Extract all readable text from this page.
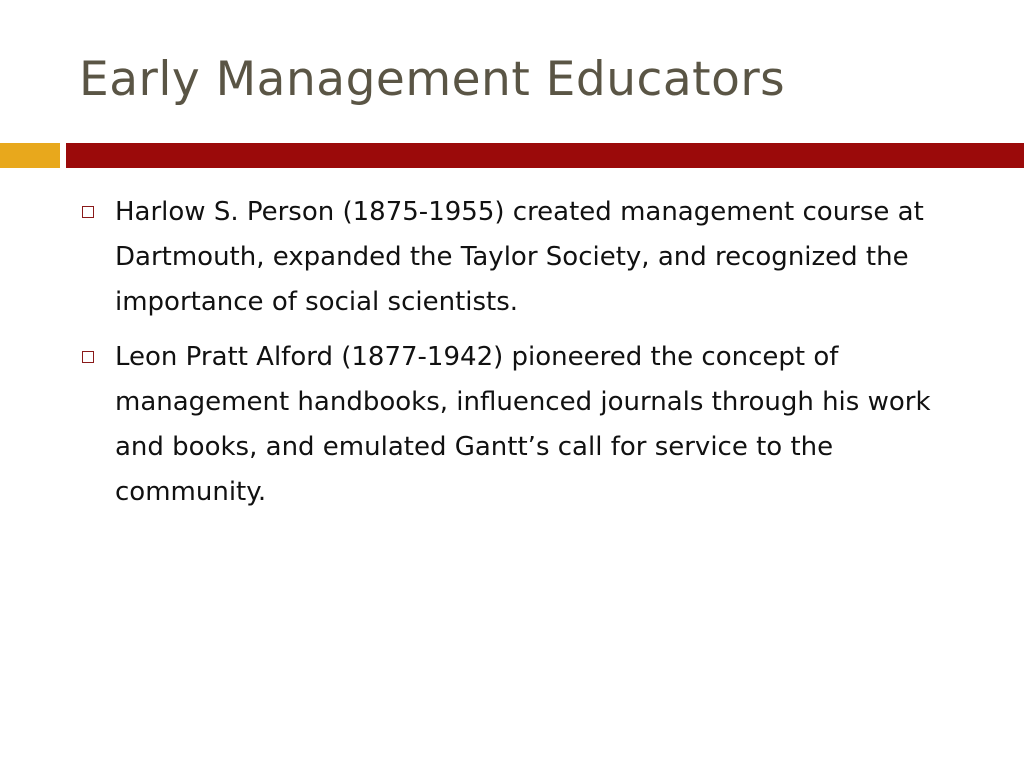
Early Management Educators
Harlow S. Person (1875-1955) created management course at Dartmouth, expanded the Taylor Society, and recognized the importance of social scientists.
Leon Pratt Alford (1877-1942) pioneered the concept of management handbooks, influenced journals through his work and books, and emulated Gantt’s call for service to the community.
